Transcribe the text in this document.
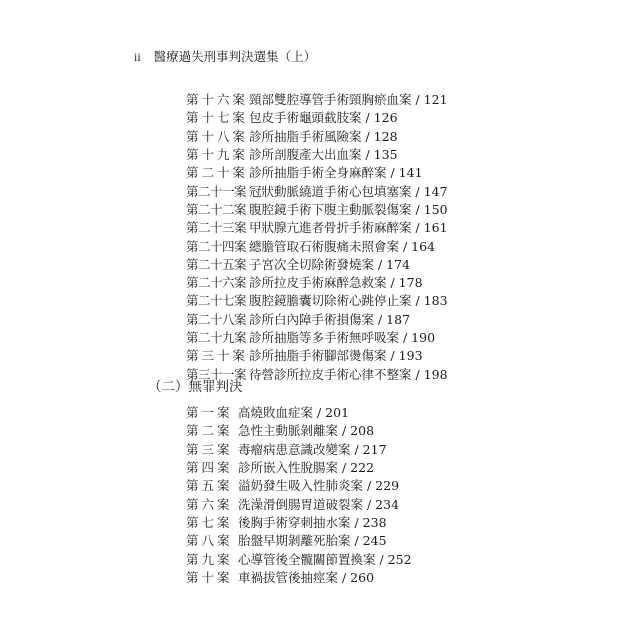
ii 醫療過失刑事判決選集（上）
第 十 六 案 頸部雙腔導管手術頸胸瘀血案 / 121
第 十 七 案 包皮手術龜頭截肢案 / 126
第 十 八 案 診所抽脂手術風險案 / 128
第 十 九 案 診所剖腹產大出血案 / 135
第 二 十 案 診所抽脂手術全身麻醉案 / 141
第二十一案 冠狀動脈繞道手術心包填塞案 / 147
第二十二案 腹腔鏡手術下腹主動脈裂傷案 / 150
第二十三案 甲狀腺亢進者骨折手術麻醉案 / 161
第二十四案 總膽管取石術腹痛未照會案 / 164
第二十五案 子宮次全切除術發燒案 / 174
第二十六案 診所拉皮手術麻醉急救案 / 178
第二十七案 腹腔鏡膽囊切除術心跳停止案 / 183
第二十八案 診所白內障手術損傷案 / 187
第二十九案 診所抽脂等多手術無呼吸案 / 190
第 三 十 案 診所抽脂手術腳部燙傷案 / 193
第三十一案 待營診所拉皮手術心律不整案 / 198
（二）無罪判決
第 一 案 高燒敗血症案 / 201
第 二 案 急性主動脈剝離案 / 208
第 三 案 毒瘤病患意識改變案 / 217
第 四 案 診所嵌入性脫腸案 / 222
第 五 案 溢奶發生吸入性肺炎案 / 229
第 六 案 洗澡滑倒腸胃道破裂案 / 234
第 七 案 後胸手術穿刺抽水案 / 238
第 八 案 胎盤早期剝離死胎案 / 245
第 九 案 心導管後全髖關節置換案 / 252
第 十 案 車禍拔管後抽痙案 / 260
